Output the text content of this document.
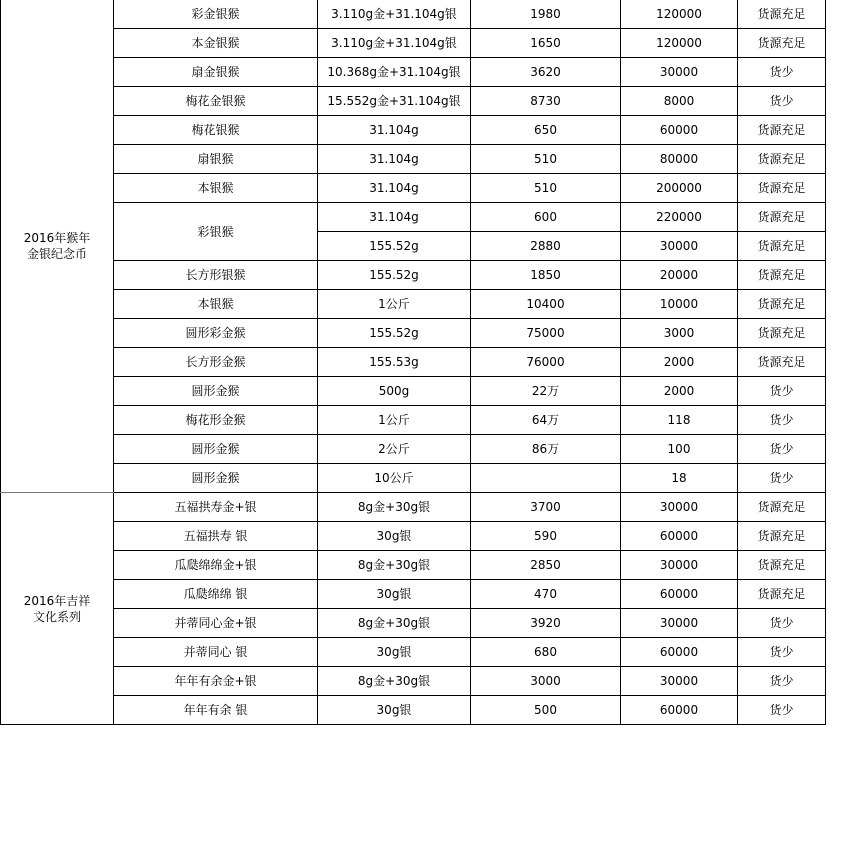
2016年猴年
金银纪念币	彩金银猴	3.110g金+31.104g银	1980	120000	货源充足
	本金银猴	3.110g金+31.104g银	1650	120000	货源充足
	扇金银猴	10.368g金+31.104g银	3620	30000	货少
	梅花金银猴	15.552g金+31.104g银	8730	8000	货少
	梅花银猴	31.104g	650	60000	货源充足
	扇银猴	31.104g	510	80000	货源充足
	本银猴	31.104g	510	200000	货源充足
	彩银猴	31.104g	600	220000	货源充足
		155.52g	2880	30000	货源充足
	长方形银猴	155.52g	1850	20000	货源充足
	本银猴	1公斤	10400	10000	货源充足
	圆形彩金猴	155.52g	75000	3000	货源充足
	长方形金猴	155.53g	76000	2000	货源充足
	圆形金猴	500g	22万	2000	货少
	梅花形金猴	1公斤	64万	118	货少
	圆形金猴	2公斤	86万	100	货少
	圆形金猴	10公斤		18	货少
2016年吉祥
文化系列	五福拱寿金+银	8g金+30g银	3700	30000	货源充足
	五福拱寿 银	30g银	590	60000	货源充足
	瓜瓞绵绵金+银	8g金+30g银	2850	30000	货源充足
	瓜瓞绵绵 银	30g银	470	60000	货源充足
	并蒂同心金+银	8g金+30g银	3920	30000	货少
	并蒂同心 银	30g银	680	60000	货少
	年年有余金+银	8g金+30g银	3000	30000	货少
	年年有余 银	30g银	500	60000	货少
